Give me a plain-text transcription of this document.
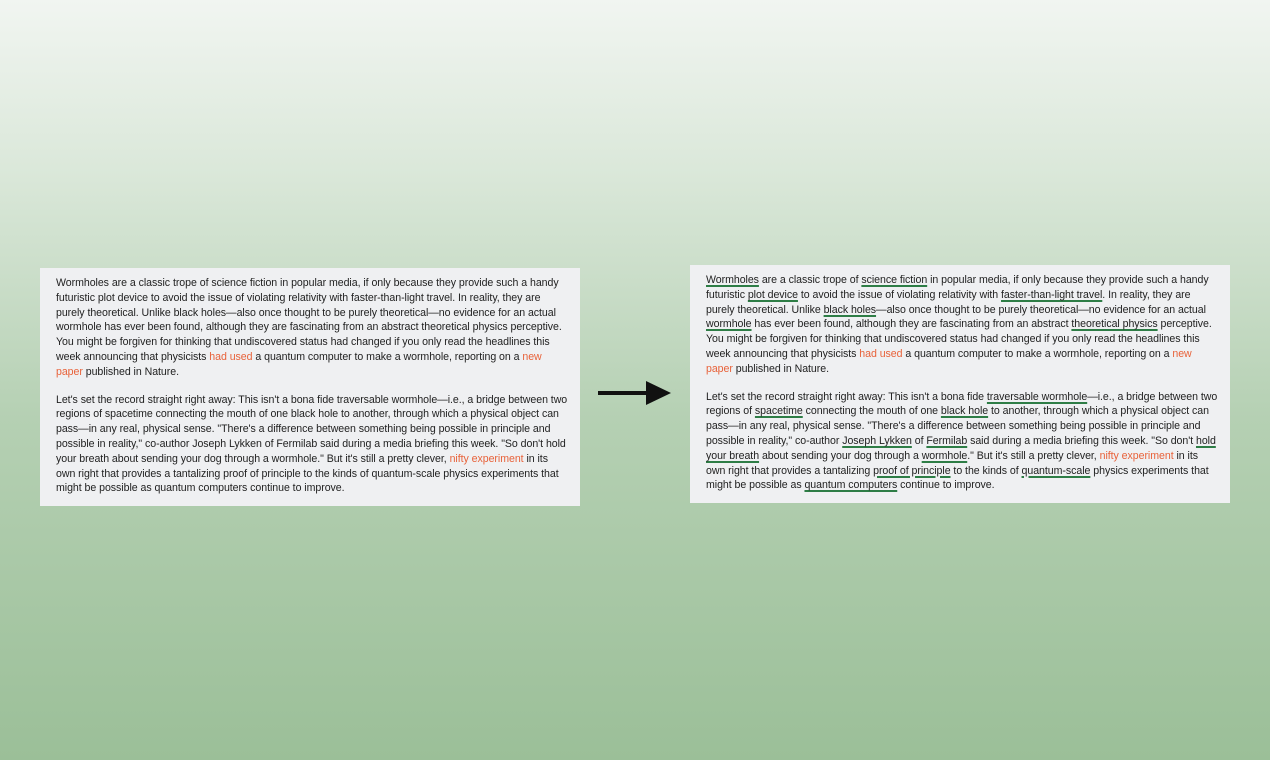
Wormholes are a classic trope of science fiction in popular media, if only because they provide such a handy futuristic plot device to avoid the issue of violating relativity with faster-than-light travel. In reality, they are purely theoretical. Unlike black holes—also once thought to be purely theoretical—no evidence for an actual wormhole has ever been found, although they are fascinating from an abstract theoretical physics perceptive. You might be forgiven for thinking that undiscovered status had changed if you only read the headlines this week announcing that physicists had used a quantum computer to make a wormhole, reporting on a new paper published in Nature.

Let's set the record straight right away: This isn't a bona fide traversable wormhole—i.e., a bridge between two regions of spacetime connecting the mouth of one black hole to another, through which a physical object can pass—in any real, physical sense. "There's a difference between something being possible in principle and possible in reality," co-author Joseph Lykken of Fermilab said during a media briefing this week. "So don't hold your breath about sending your dog through a wormhole." But it's still a pretty clever, nifty experiment in its own right that provides a tantalizing proof of principle to the kinds of quantum-scale physics experiments that might be possible as quantum computers continue to improve.

Wormholes are a classic trope of science fiction in popular media, if only because they provide such a handy futuristic plot device to avoid the issue of violating relativity with faster-than-light travel. In reality, they are purely theoretical. Unlike black holes—also once thought to be purely theoretical—no evidence for an actual wormhole has ever been found, although they are fascinating from an abstract theoretical physics perceptive. You might be forgiven for thinking that undiscovered status had changed if you only read the headlines this week announcing that physicists had used a quantum computer to make a wormhole, reporting on a new paper published in Nature.

Let's set the record straight right away: This isn't a bona fide traversable wormhole—i.e., a bridge between two regions of spacetime connecting the mouth of one black hole to another, through which a physical object can pass—in any real, physical sense. "There's a difference between something being possible in principle and possible in reality," co-author Joseph Lykken of Fermilab said during a media briefing this week. "So don't hold your breath about sending your dog through a wormhole." But it's still a pretty clever, nifty experiment in its own right that provides a tantalizing proof of principle to the kinds of quantum-scale physics experiments that might be possible as quantum computers continue to improve.
